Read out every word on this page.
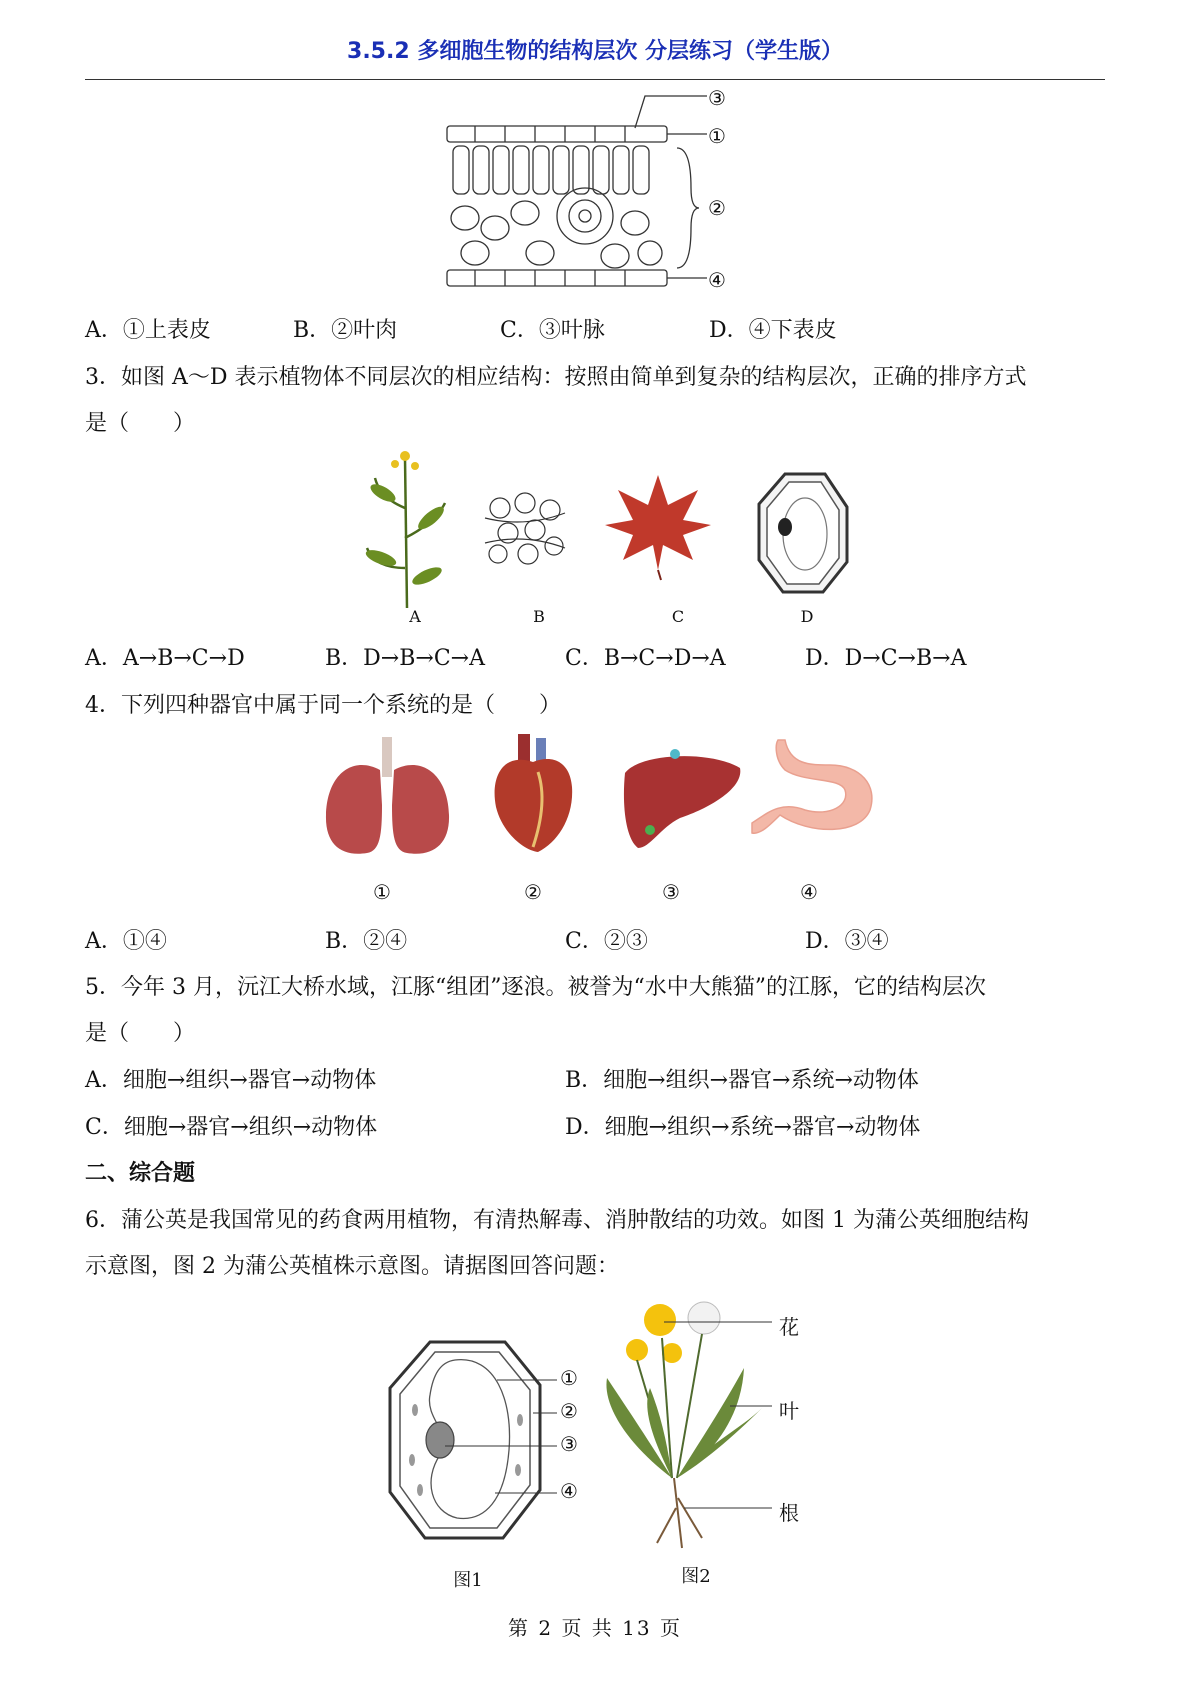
3.5.2 多细胞生物的结构层次 分层练习（学生版）
③
①
②
④
A．①上表皮	B．②叶肉	C．③叶脉	D．④下表皮
3．如图 A～D 表示植物体不同层次的相应结构：按照由简单到复杂的结构层次，正确的排序方式
是（　　）
A	B	C	D
A．A→B→C→D	B．D→B→C→A	C．B→C→D→A	D．D→C→B→A
4．下列四种器官中属于同一个系统的是（　　）
①	②	③	④
A．①④	B．②④	C．②③	D．③④
5．今年 3 月，沅江大桥水域，江豚“组团”逐浪。被誉为“水中大熊猫”的江豚，它的结构层次
是（　　）
A．细胞→组织→器官→动物体	B．细胞→组织→器官→系统→动物体
C．细胞→器官→组织→动物体	D．细胞→组织→系统→器官→动物体
二、综合题
6．蒲公英是我国常见的药食两用植物，有清热解毒、消肿散结的功效。如图 1 为蒲公英细胞结构
示意图，图 2 为蒲公英植株示意图。请据图回答问题：
①
②
③
④
图1
花
叶
根
图2
第 2 页 共 13 页
